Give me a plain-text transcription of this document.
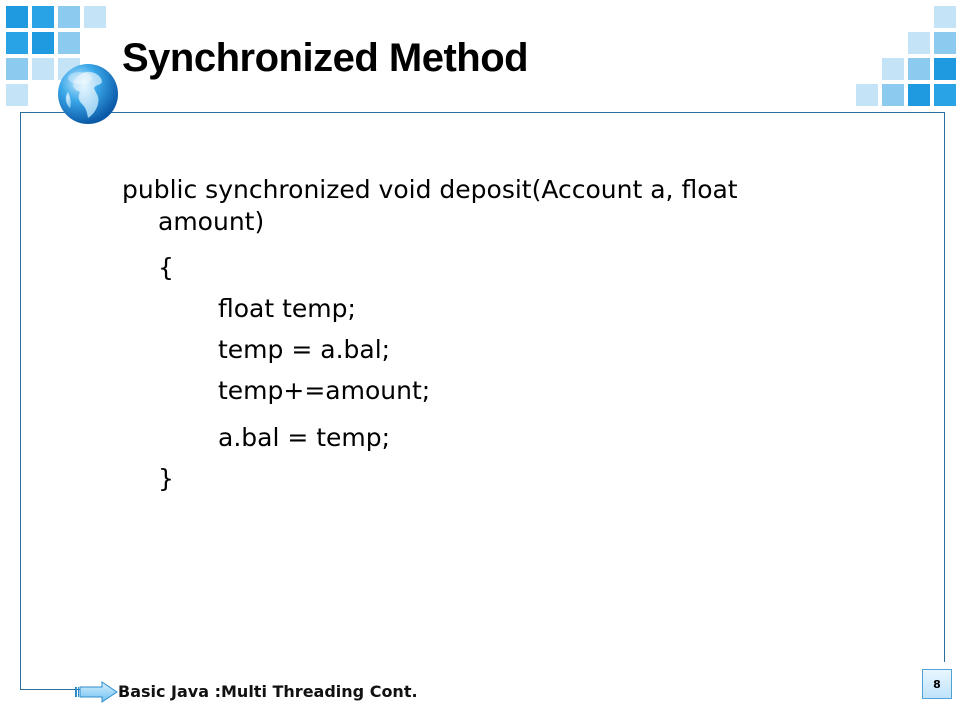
Synchronized Method
public synchronized void deposit(Account a, float
amount)
{
float temp;
temp = a.bal;
temp+=amount;
a.bal = temp;
}
Basic Java :Multi Threading Cont.	8
